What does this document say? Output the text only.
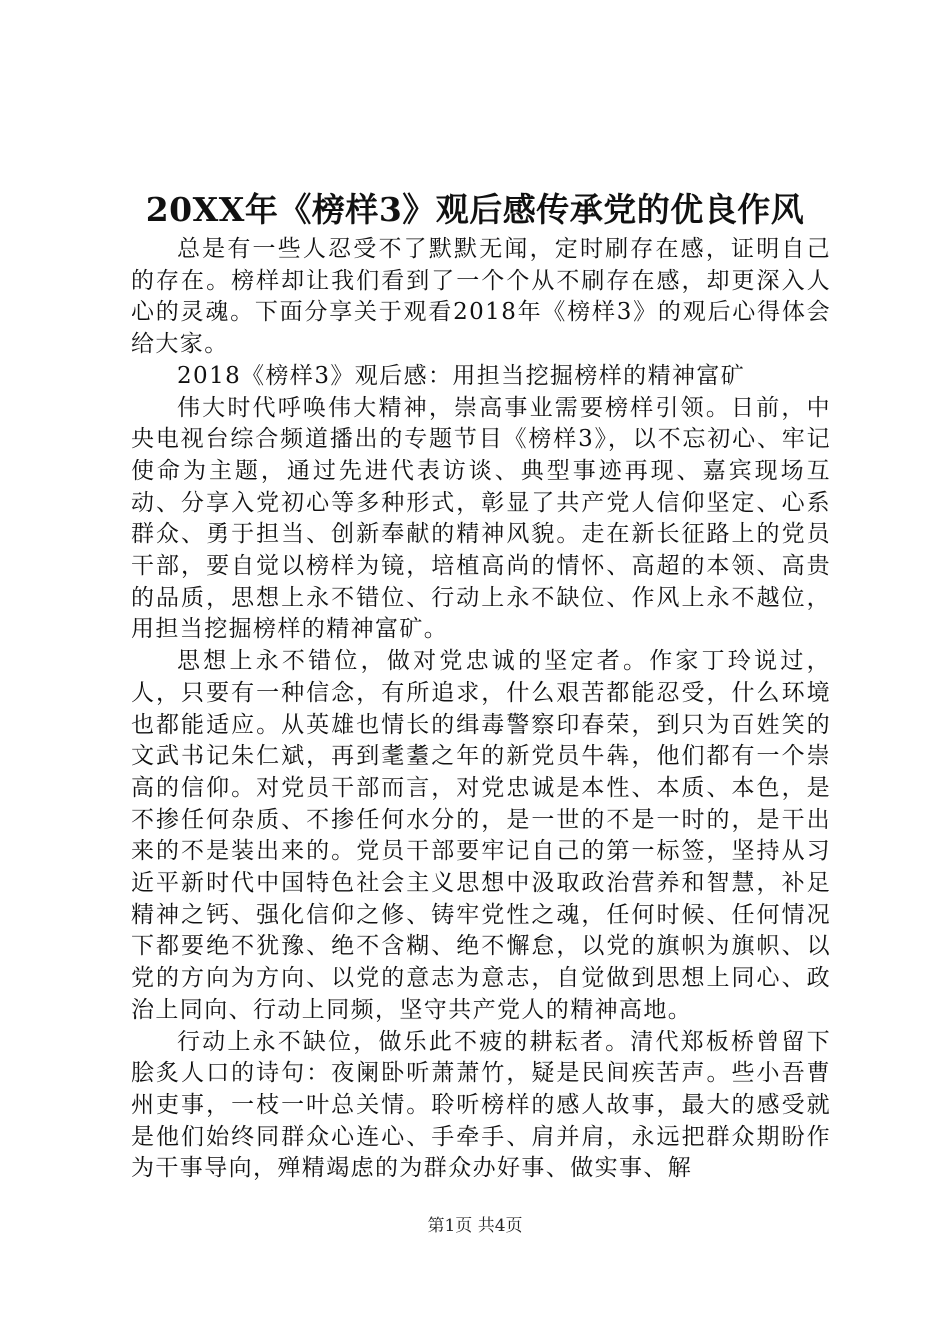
20XX年《榜样3》观后感传承党的优良作风

总是有一些人忍受不了默默无闻，定时刷存在感，证明自己的存在。榜样却让我们看到了一个个从不刷存在感，却更深入人心的灵魂。下面分享关于观看2018年《榜样3》的观后心得体会给大家。

2018《榜样3》观后感：用担当挖掘榜样的精神富矿

伟大时代呼唤伟大精神，崇高事业需要榜样引领。日前，中央电视台综合频道播出的专题节目《榜样3》，以不忘初心、牢记使命为主题，通过先进代表访谈、典型事迹再现、嘉宾现场互动、分享入党初心等多种形式，彰显了共产党人信仰坚定、心系群众、勇于担当、创新奉献的精神风貌。走在新长征路上的党员干部，要自觉以榜样为镜，培植高尚的情怀、高超的本领、高贵的品质，思想上永不错位、行动上永不缺位、作风上永不越位，用担当挖掘榜样的精神富矿。

思想上永不错位，做对党忠诚的坚定者。作家丁玲说过，人，只要有一种信念，有所追求，什么艰苦都能忍受，什么环境也都能适应。从英雄也情长的缉毒警察印春荣，到只为百姓笑的文武书记朱仁斌，再到耄耋之年的新党员牛犇，他们都有一个崇高的信仰。对党员干部而言，对党忠诚是本性、本质、本色，是不掺任何杂质、不掺任何水分的，是一世的不是一时的，是干出来的不是装出来的。党员干部要牢记自己的第一标签，坚持从习近平新时代中国特色社会主义思想中汲取政治营养和智慧，补足精神之钙、强化信仰之修、铸牢党性之魂，任何时候、任何情况下都要绝不犹豫、绝不含糊、绝不懈怠，以党的旗帜为旗帜、以党的方向为方向、以党的意志为意志，自觉做到思想上同心、政治上同向、行动上同频，坚守共产党人的精神高地。

行动上永不缺位，做乐此不疲的耕耘者。清代郑板桥曾留下脍炙人口的诗句：夜阑卧听萧萧竹，疑是民间疾苦声。些小吾曹州吏事，一枝一叶总关情。聆听榜样的感人故事，最大的感受就是他们始终同群众心连心、手牵手、肩并肩，永远把群众期盼作为干事导向，殚精竭虑的为群众办好事、做实事、解

第1页 共4页
